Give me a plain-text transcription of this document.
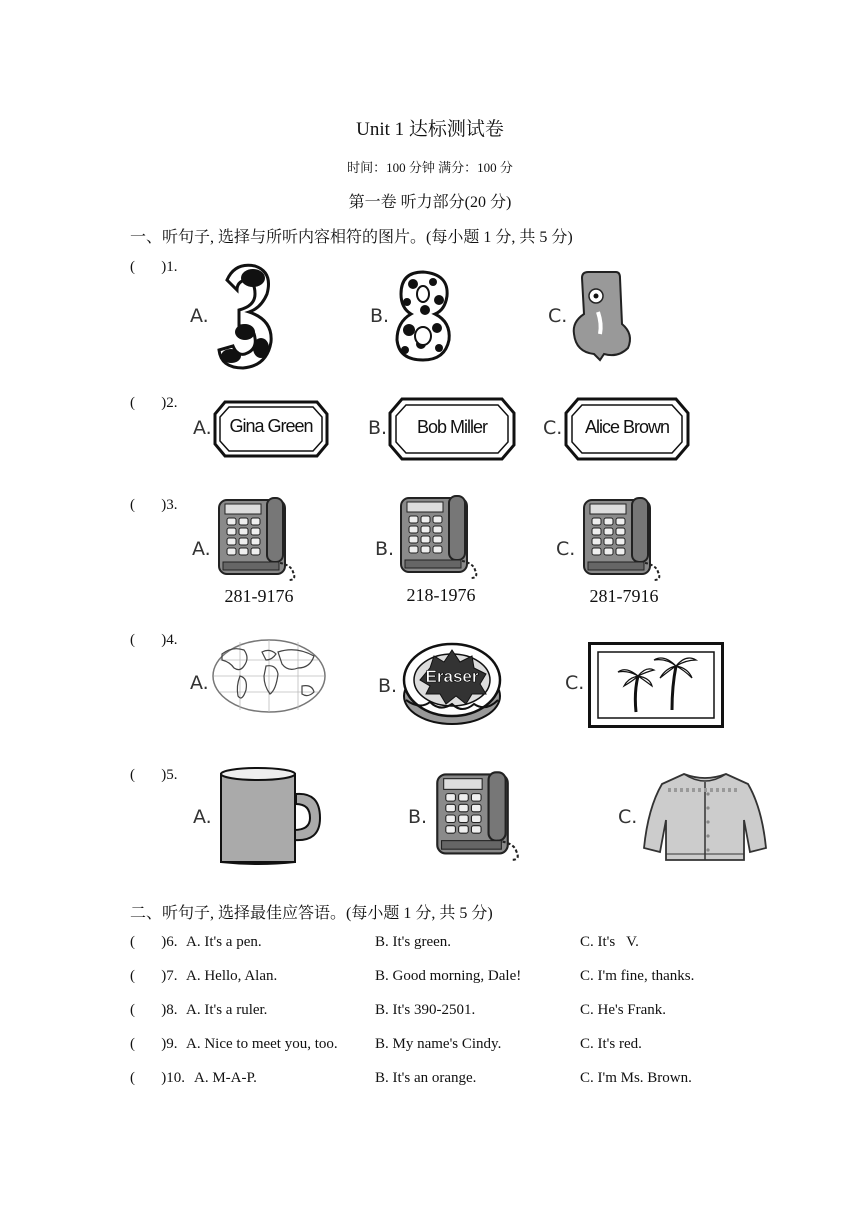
Unit 1 达标测试卷
时间：100 分钟 满分：100 分
第一卷 听力部分(20 分)
一、听句子, 选择与所听内容相符的图片。(每小题 1 分, 共 5 分)
(       )1.
A.	B.	C.
(       )2.
A. Gina Green	B.	Bob Miller	C.	Alice Brown
(       )3.
A.
281-9176
B.
218-1976
C.
281-7916
(       )4.
A.	B.	Eraser	C.
(       )5.
A.	B.	C.
二、听句子, 选择最佳应答语。(每小题 1 分, 共 5 分)
(       )6. A. It's a pen.	B. It's green.	C. It's   V.
(       )7. A. Hello, Alan.	B. Good morning, Dale!	C. I'm fine, thanks.
(       )8. A. It's a ruler.	B. It's 390-2501.	C. He's Frank.
(       )9. A. Nice to meet you, too. B. My name's Cindy.	C. It's red.
(       )10. A. M-A-P.	B. It's an orange.	C. I'm Ms. Brown.
